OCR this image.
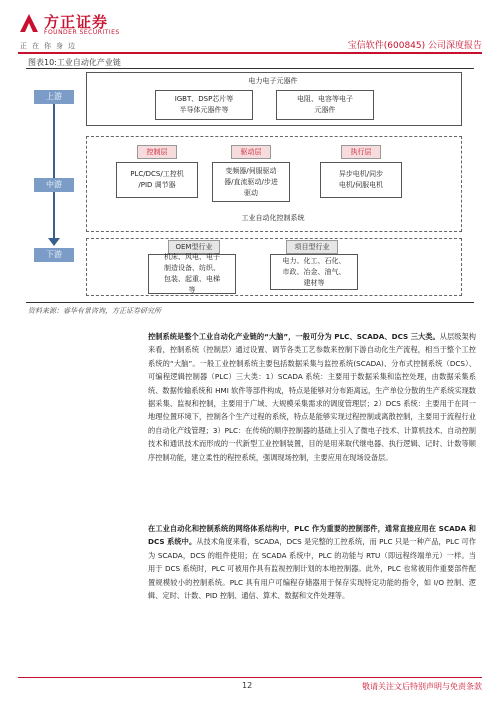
方正证券
FOUNDER SECURITIES
正在你身边	宝信软件(600845) 公司深度报告
图表10:工业自动化产业链
上游
中游
下游
电力电子元器件
IGBT、DSP芯片等
半导体元器件等
电阻、电容等电子
元器件
控制层	驱动层	执行层
PLC/DCS/工控机
/PID 调节器
变频器/伺服驱动
器/直流驱动/步进
驱动
异步电机/同步
电机/伺服电机
工业自动化控制系统
OEM型行业	项目型行业
机床、风电、电子
制造设备、纺织、
包装、起重、电梯
等
电力、化工、石化、
市政、冶金、油气、
建材等
资料来源：睿华有景咨询，方正证券研究所
控制系统是整个工业自动化产业链的“大脑”，一般可分为 PLC、SCADA、DCS 三大类。从层级架构来看，控制系统（控制层）通过设置、调节各类工艺参数来控制下游自动化生产流程，相当于整个工控系统的“大脑”。一般工业控制系统主要包括数据采集与监控系统(SCADA)、分布式控制系统（DCS）、可编程逻辑控制器（PLC）三大类：1）SCADA 系统：主要用于数据采集和监控处理，由数据采集系统、数据传输系统和 HMI 软件等部件构成，特点是能够对分布距离远，生产单位分散的生产系统实现数据采集、监视和控制，主要用于广域、大规模采集需求的调度管理层；2）DCS 系统：主要用于在同一地理位置环境下，控制各个生产过程的系统，特点是能够实现过程控制或离散控制，主要用于流程行业的自动化产线管理；3）PLC：在传统的顺序控制器的基础上引入了微电子技术、计算机技术、自动控制技术和通讯技术而形成的一代新型工业控制装置，目的是用来取代继电器、执行逻辑、记时、计数等顺序控制功能，建立柔性的程控系统，强调现场控制，主要应用在现场设备层。
在工业自动化和控制系统的网络体系结构中，PLC 作为重要的控制部件，通常直接应用在 SCADA 和 DCS 系统中。从技术角度来看，SCADA，DCS 是完整的工控系统，而 PLC 只是一种产品，PLC 可作为 SCADA，DCS 的组件使用；在 SCADA 系统中，PLC 的功能与 RTU（即远程终端单元）一样。当用于 DCS 系统时，PLC 可被用作具有监视控制计划的本地控制器。此外，PLC 也常被用作重要部件配置规模较小的控制系统。PLC 具有用户可编程存储器用于保存实现特定功能的指令，如 I/O 控制、逻辑、定时、计数、PID 控制、通信、算术、数据和文件处理等。
12	敬请关注文后特别声明与免责条款
